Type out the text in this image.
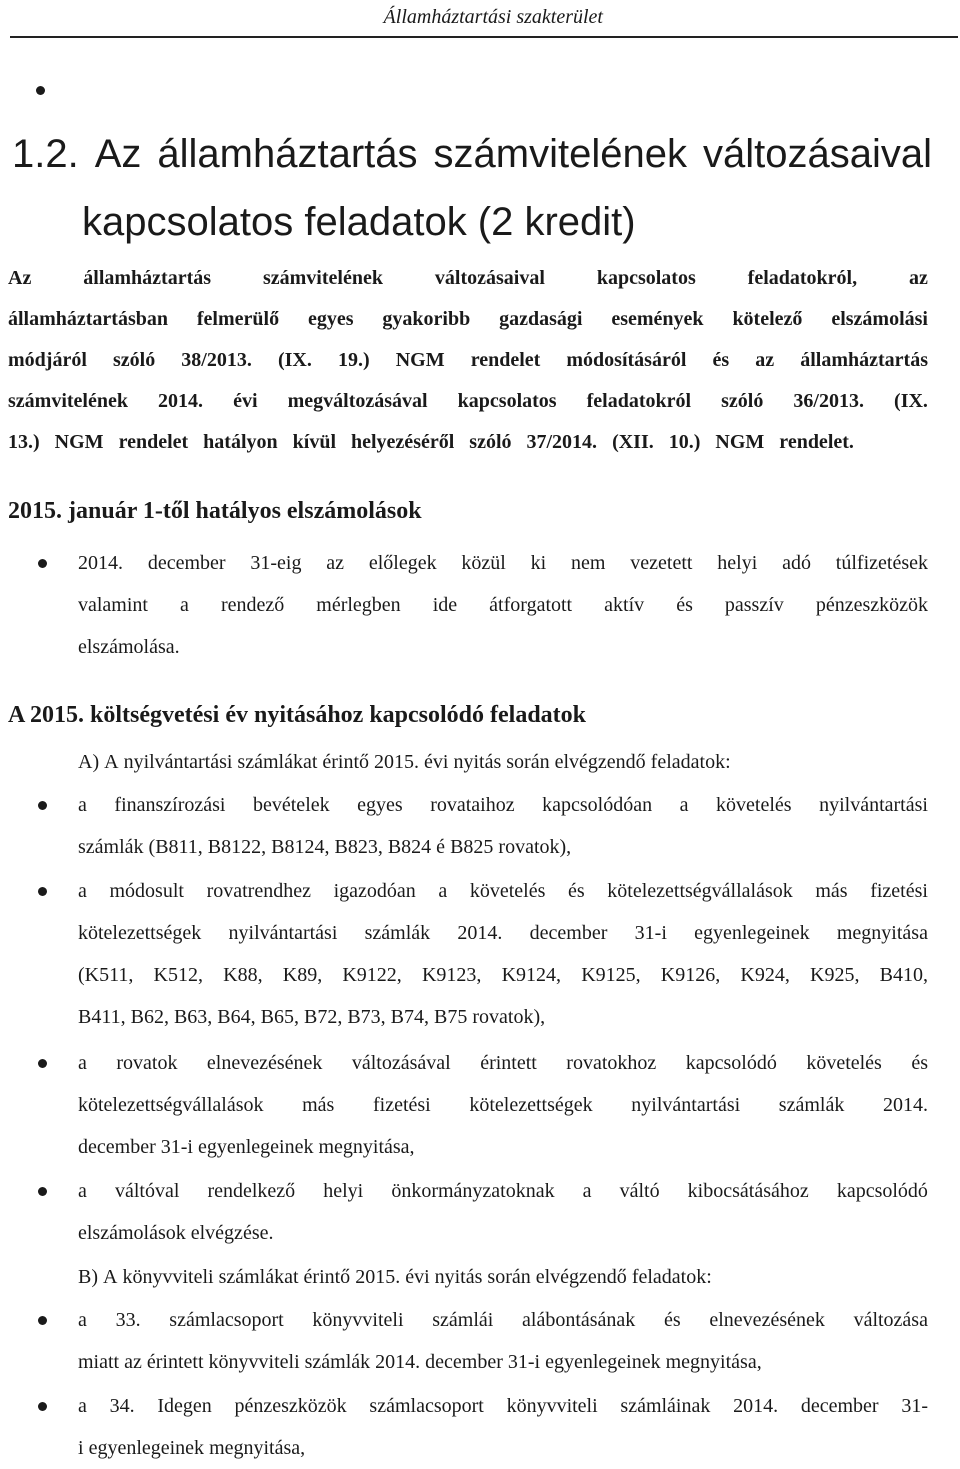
Államháztartási szakterület
1.2. Az államháztartás számvitelének változásaival
kapcsolatos feladatok (2 kredit)
Az	államháztartás	számvitelének	változásaival	kapcsolatos	feladatokról,	az
államháztartásban felmerülő egyes gyakoribb gazdasági események kötelező elszámolási
módjáról szóló 38/2013. (IX. 19.) NGM rendelet módosításáról és az államháztartás
számvitelének 2014. évi megváltozásával kapcsolatos feladatokról szóló 36/2013. (IX.
13.) NGM rendelet hatályon kívül helyezéséről szóló 37/2014. (XII. 10.) NGM rendelet.
2015. január 1-től hatályos elszámolások
2014. december 31-eig az előlegek közül ki nem vezetett helyi adó túlfizetések
valamint a rendező mérlegben ide átforgatott aktív és passzív pénzeszközök
elszámolása.
A 2015. költségvetési év nyitásához kapcsolódó feladatok
A) A nyilvántartási számlákat érintő 2015. évi nyitás során elvégzendő feladatok:
a finanszírozási bevételek egyes rovataihoz kapcsolódóan a követelés nyilvántartási
számlák (B811, B8122, B8124, B823, B824 é B825 rovatok),
a módosult rovatrendhez igazodóan a követelés és kötelezettségvállalások más fizetési
kötelezettségek nyilvántartási számlák 2014. december 31-i egyenlegeinek megnyitása
(K511, K512, K88, K89, K9122, K9123, K9124, K9125, K9126, K924, K925, B410,
B411, B62, B63, B64, B65, B72, B73, B74, B75 rovatok),
a rovatok elnevezésének változásával érintett rovatokhoz kapcsolódó követelés és
kötelezettségvállalások más fizetési kötelezettségek nyilvántartási számlák 2014.
december 31-i egyenlegeinek megnyitása,
a váltóval rendelkező helyi önkormányzatoknak a váltó kibocsátásához kapcsolódó
elszámolások elvégzése.
B) A könyvviteli számlákat érintő 2015. évi nyitás során elvégzendő feladatok:
a 33. számlacsoport könyvviteli számlái alábontásának és elnevezésének változása
miatt az érintett könyvviteli számlák 2014. december 31-i egyenlegeinek megnyitása,
a 34. Idegen pénzeszközök számlacsoport könyvviteli számláinak 2014. december 31-
i egyenlegeinek megnyitása,
